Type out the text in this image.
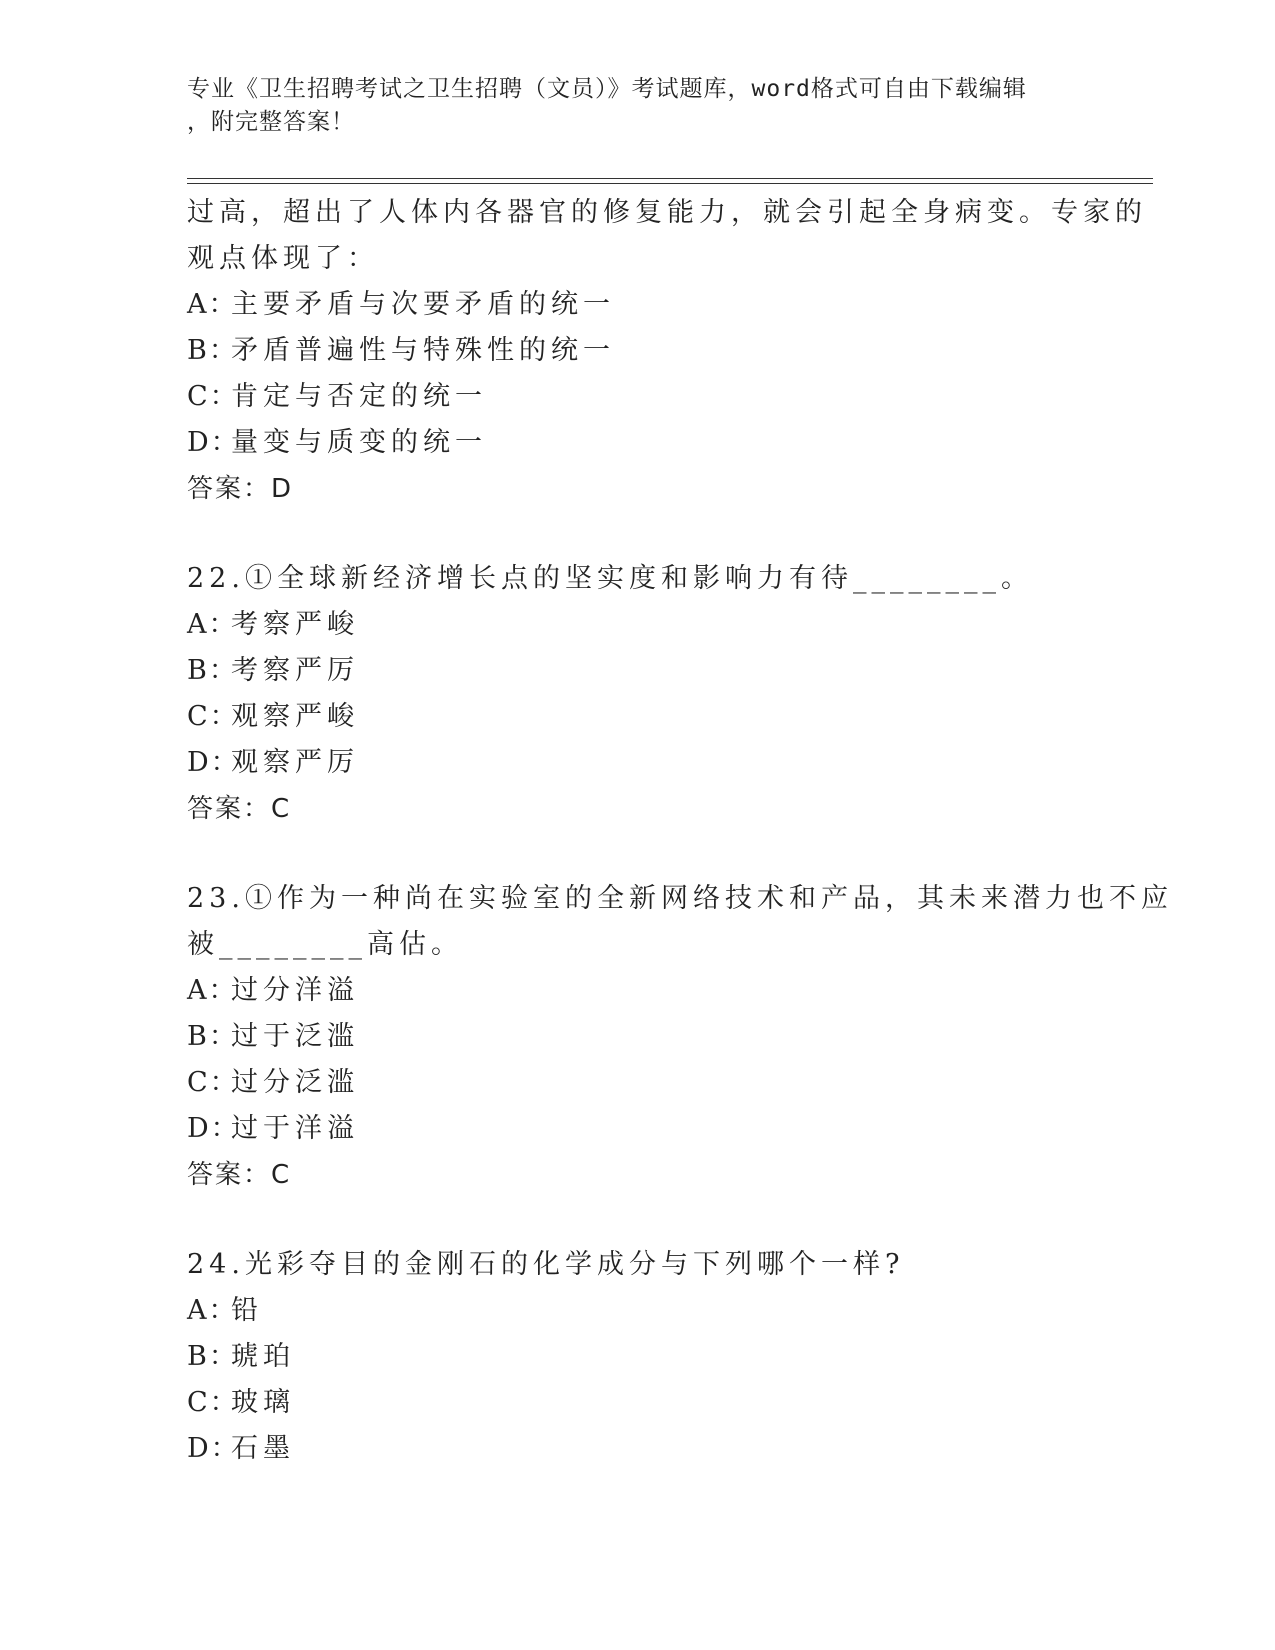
专业《卫生招聘考试之卫生招聘（文员）》考试题库，word格式可自由下载编辑
，附完整答案！
过高，超出了人体内各器官的修复能力，就会引起全身病变。专家的
观点体现了：
A：主要矛盾与次要矛盾的统一
B：矛盾普遍性与特殊性的统一
C：肯定与否定的统一
D：量变与质变的统一
答案：D
22.①全球新经济增长点的坚实度和影响力有待________。
A：考察严峻
B：考察严厉
C：观察严峻
D：观察严厉
答案：C
23.①作为一种尚在实验室的全新网络技术和产品，其未来潜力也不应
被________高估。
A：过分洋溢
B：过于泛滥
C：过分泛滥
D：过于洋溢
答案：C
24.光彩夺目的金刚石的化学成分与下列哪个一样?
A：铅
B：琥珀
C：玻璃
D：石墨
